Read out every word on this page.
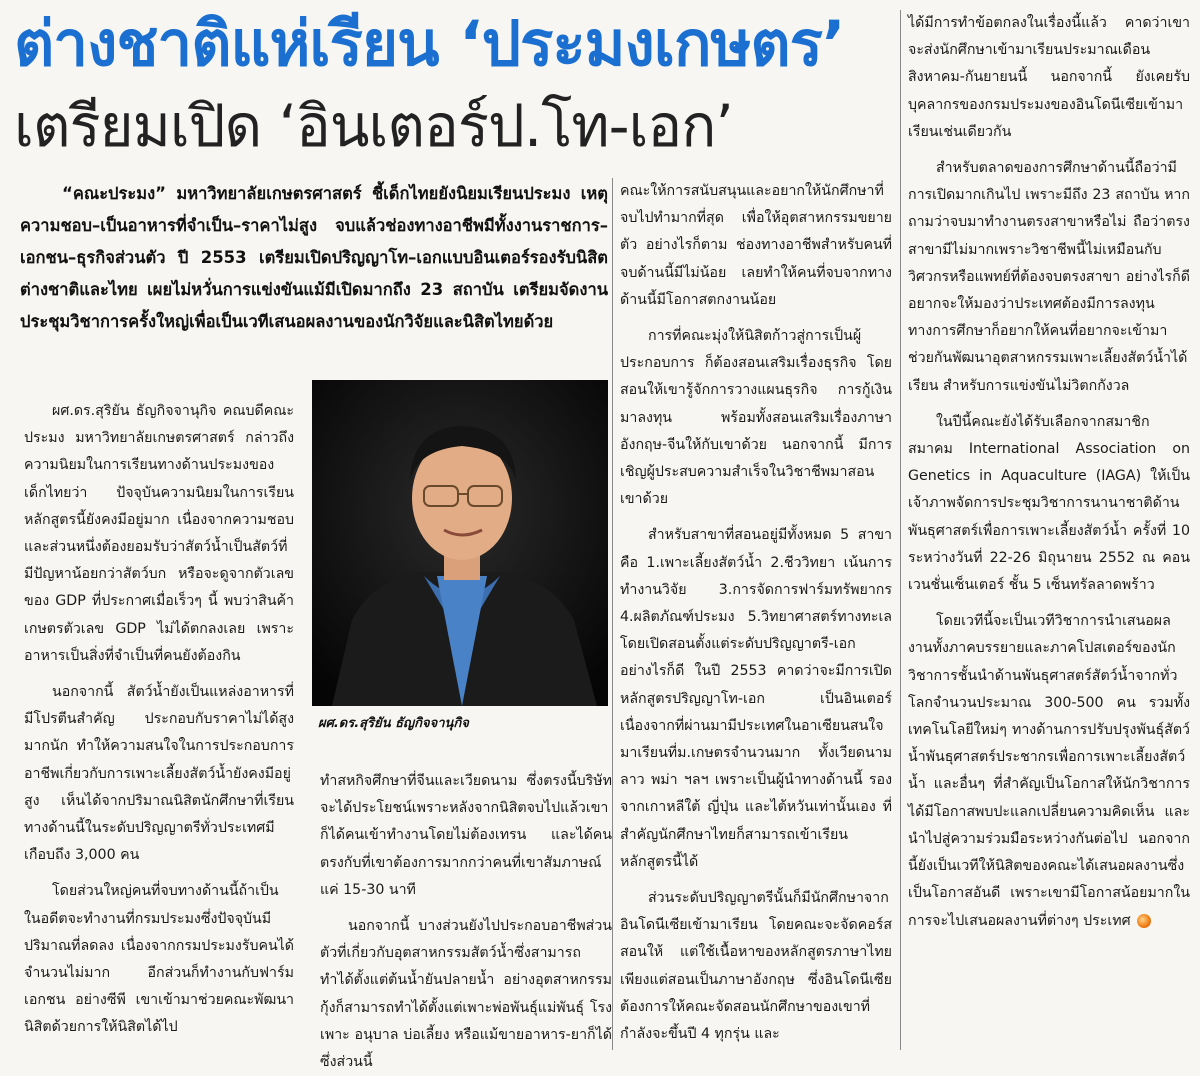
ต่างชาติแห่เรียน ‘ประมงเกษตร’
เตรียมเปิด ‘อินเตอร์ป.โท-เอก’
“คณะประมง” มหาวิทยาลัยเกษตรศาสตร์ ชี้เด็กไทยยังนิยมเรียนประมง เหตุความชอบ–เป็นอาหารที่จำเป็น–ราคาไม่สูง จบแล้วช่องทางอาชีพมีทั้งงานราชการ–เอกชน–ธุรกิจส่วนตัว ปี 2553 เตรียมเปิดปริญญาโท–เอกแบบอินเตอร์รองรับนิสิตต่างชาติและไทย เผยไม่หวั่นการแข่งขันแม้มีเปิดมากถึง 23 สถาบัน เตรียมจัดงานประชุมวิชาการครั้งใหญ่เพื่อเป็นเวทีเสนอผลงานของนักวิจัยและนิสิตไทยด้วย

ผศ.ดร.สุริยัน ธัญกิจจานุกิจ คณบดีคณะประมง มหาวิทยาลัยเกษตรศาสตร์ กล่าวถึงความนิยมในการเรียนทางด้านประมงของเด็กไทยว่า ปัจจุบันความนิยมในการเรียนหลักสูตรนี้ยังคงมีอยู่มาก เนื่องจากความชอบ และส่วนหนึ่งต้องยอมรับว่าสัตว์น้ำเป็นสัตว์ที่มีปัญหาน้อยกว่าสัตว์บก หรือจะดูจากตัวเลขของ GDP ที่ประกาศเมื่อเร็วๆ นี้ พบว่าสินค้าเกษตรตัวเลข GDP ไม่ได้ตกลงเลย เพราะอาหารเป็นสิ่งที่จำเป็นที่คนยังต้องกิน

นอกจากนี้ สัตว์น้ำยังเป็นแหล่งอาหารที่มีโปรตีนสำคัญ ประกอบกับราคาไม่ได้สูงมากนัก ทำให้ความสนใจในการประกอบการอาชีพเกี่ยวกับการเพาะเลี้ยงสัตว์น้ำยังคงมีอยู่สูง เห็นได้จากปริมาณนิสิตนักศึกษาที่เรียนทางด้านนี้ในระดับปริญญาตรีทั่วประเทศมีเกือบถึง 3,000 คน

โดยส่วนใหญ่คนที่จบทางด้านนี้ถ้าเป็นในอดีตจะทำงานที่กรมประมงซึ่งปัจจุบันมีปริมาณที่ลดลง เนื่องจากกรมประมงรับคนได้จำนวนไม่มาก อีกส่วนก็ทำงานกับฟาร์มเอกชน อย่างซีพี เขาเข้ามาช่วยคณะพัฒนานิสิตด้วยการให้นิสิตได้ไป

ผศ.ดร.สุริยัน ธัญกิจจานุกิจ

ทำสหกิจศึกษาที่จีนและเวียดนาม ซึ่งตรงนี้บริษัทจะได้ประโยชน์เพราะหลังจากนิสิตจบไปแล้วเขาก็ได้คนเข้าทำงานโดยไม่ต้องเทรน และได้คนตรงกับที่เขาต้องการมากกว่าคนที่เขาสัมภาษณ์แค่ 15-30 นาที

นอกจากนี้ บางส่วนยังไปประกอบอาชีพส่วนตัวที่เกี่ยวกับอุตสาหกรรมสัตว์น้ำซึ่งสามารถทำได้ตั้งแต่ต้นน้ำยันปลายน้ำ อย่างอุตสาหกรรมกุ้งก็สามารถทำได้ตั้งแต่เพาะพ่อพันธุ์แม่พันธุ์ โรงเพาะ อนุบาล บ่อเลี้ยง หรือแม้ขายอาหาร-ยาก็ได้ ซึ่งส่วนนี้

คณะให้การสนับสนุนและอยากให้นักศึกษาที่จบไปทำมากที่สุด เพื่อให้อุตสาหกรรมขยายตัว อย่างไรก็ตาม ช่องทางอาชีพสำหรับคนที่จบด้านนี้มีไม่น้อย เลยทำให้คนที่จบจากทางด้านนี้มีโอกาสตกงานน้อย

การที่คณะมุ่งให้นิสิตก้าวสู่การเป็นผู้ประกอบการ ก็ต้องสอนเสริมเรื่องธุรกิจ โดยสอนให้เขารู้จักการวางแผนธุรกิจ การกู้เงินมาลงทุน พร้อมทั้งสอนเสริมเรื่องภาษาอังกฤษ-จีนให้กับเขาด้วย นอกจากนี้ มีการเชิญผู้ประสบความสำเร็จในวิชาชีพมาสอนเขาด้วย

สำหรับสาขาที่สอนอยู่มีทั้งหมด 5 สาขา คือ 1.เพาะเลี้ยงสัตว์น้ำ 2.ชีววิทยา เน้นการทำงานวิจัย 3.การจัดการฟาร์มทรัพยากร 4.ผลิตภัณฑ์ประมง 5.วิทยาศาสตร์ทางทะเล โดยเปิดสอนตั้งแต่ระดับปริญญาตรี-เอก อย่างไรก็ดี ในปี 2553 คาดว่าจะมีการเปิดหลักสูตรปริญญาโท-เอก เป็นอินเตอร์ เนื่องจากที่ผ่านมามีประเทศในอาเซียนสนใจมาเรียนที่ม.เกษตรจำนวนมาก ทั้งเวียดนาม ลาว พม่า ฯลฯ เพราะเป็นผู้นำทางด้านนี้ รองจากเกาหลีใต้ ญี่ปุ่น และไต้หวันเท่านั้นเอง ที่สำคัญนักศึกษาไทยก็สามารถเข้าเรียนหลักสูตรนี้ได้

ส่วนระดับปริญญาตรีนั้นก็มีนักศึกษาจากอินโดนีเซียเข้ามาเรียน โดยคณะจะจัดคอร์สสอนให้ แต่ใช้เนื้อหาของหลักสูตรภาษาไทยเพียงแต่สอนเป็นภาษาอังกฤษ ซึ่งอินโดนีเซียต้องการให้คณะจัดสอนนักศึกษาของเขาที่กำลังจะขึ้นปี 4 ทุกรุ่น และ

ได้มีการทำข้อตกลงในเรื่องนี้แล้ว คาดว่าเขาจะส่งนักศึกษาเข้ามาเรียนประมาณเดือนสิงหาคม-กันยายนนี้ นอกจากนี้ ยังเคยรับบุคลากรของกรมประมงของอินโดนีเซียเข้ามาเรียนเช่นเดียวกัน

สำหรับตลาดของการศึกษาด้านนี้ถือว่ามีการเปิดมากเกินไป เพราะมีถึง 23 สถาบัน หากถามว่าจบมาทำงานตรงสาขาหรือไม่ ถือว่าตรงสาขามีไม่มากเพราะวิชาชีพนี้ไม่เหมือนกับวิศวกรหรือแพทย์ที่ต้องจบตรงสาขา อย่างไรก็ดี อยากจะให้มองว่าประเทศต้องมีการลงทุนทางการศึกษาก็อยากให้คนที่อยากจะเข้ามาช่วยกันพัฒนาอุตสาหกรรมเพาะเลี้ยงสัตว์น้ำได้เรียน สำหรับการแข่งขันไม่วิตกกังวล

ในปีนี้คณะยังได้รับเลือกจากสมาชิกสมาคม International Association on Genetics in Aquaculture (IAGA) ให้เป็นเจ้าภาพจัดการประชุมวิชาการนานาชาติด้านพันธุศาสตร์เพื่อการเพาะเลี้ยงสัตว์น้ำ ครั้งที่ 10 ระหว่างวันที่ 22-26 มิถุนายน 2552 ณ คอนเวนชั่นเซ็นเตอร์ ชั้น 5 เซ็นทรัลลาดพร้าว

โดยเวทีนี้จะเป็นเวทีวิชาการนำเสนอผลงานทั้งภาคบรรยายและภาคโปสเตอร์ของนักวิชาการชั้นนำด้านพันธุศาสตร์สัตว์น้ำจากทั่วโลกจำนวนประมาณ 300-500 คน รวมทั้งเทคโนโลยีใหม่ๆ ทางด้านการปรับปรุงพันธุ์สัตว์น้ำพันธุศาสตร์ประชากรเพื่อการเพาะเลี้ยงสัตว์น้ำ และอื่นๆ ที่สำคัญเป็นโอกาสให้นักวิชาการได้มีโอกาสพบปะแลกเปลี่ยนความคิดเห็น และนำไปสู่ความร่วมมือระหว่างกันต่อไป นอกจากนี้ยังเป็นเวทีให้นิสิตของคณะได้เสนอผลงานซึ่งเป็นโอกาสอันดี เพราะเขามีโอกาสน้อยมากในการจะไปเสนอผลงานที่ต่างๆ ประเทศ
